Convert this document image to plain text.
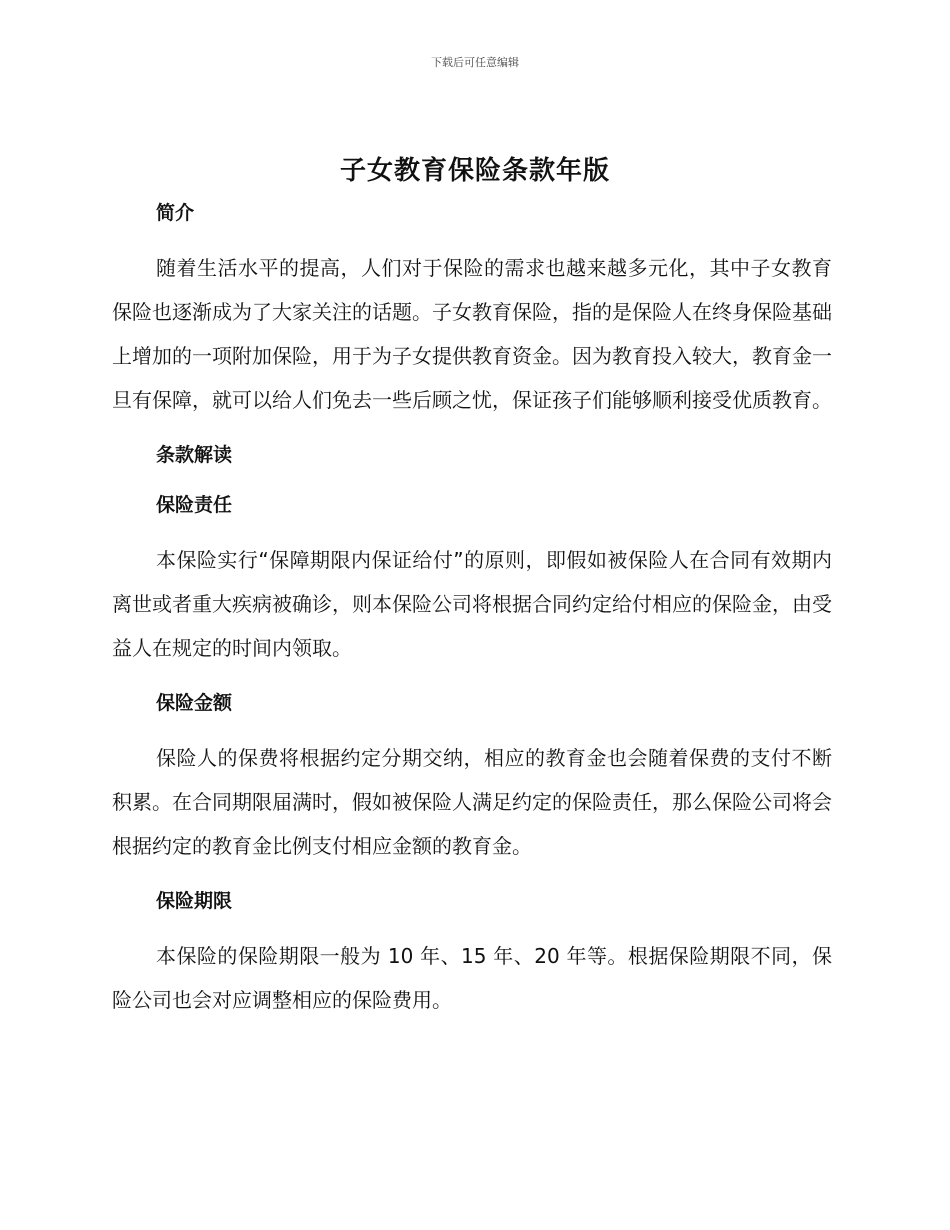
下载后可任意编辑
子女教育保险条款年版

简介

随着生活水平的提高，人们对于保险的需求也越来越多元化，其中子女教育保险也逐渐成为了大家关注的话题。子女教育保险，指的是保险人在终身保险基础上增加的一项附加保险，用于为子女提供教育资金。因为教育投入较大，教育金一旦有保障，就可以给人们免去一些后顾之忧，保证孩子们能够顺利接受优质教育。

条款解读

保险责任

本保险实行“保障期限内保证给付”的原则，即假如被保险人在合同有效期内离世或者重大疾病被确诊，则本保险公司将根据合同约定给付相应的保险金，由受益人在规定的时间内领取。

保险金额

保险人的保费将根据约定分期交纳，相应的教育金也会随着保费的支付不断积累。在合同期限届满时，假如被保险人满足约定的保险责任，那么保险公司将会根据约定的教育金比例支付相应金额的教育金。

保险期限

本保险的保险期限一般为 10 年、15 年、20 年等。根据保险期限不同，保险公司也会对应调整相应的保险费用。
